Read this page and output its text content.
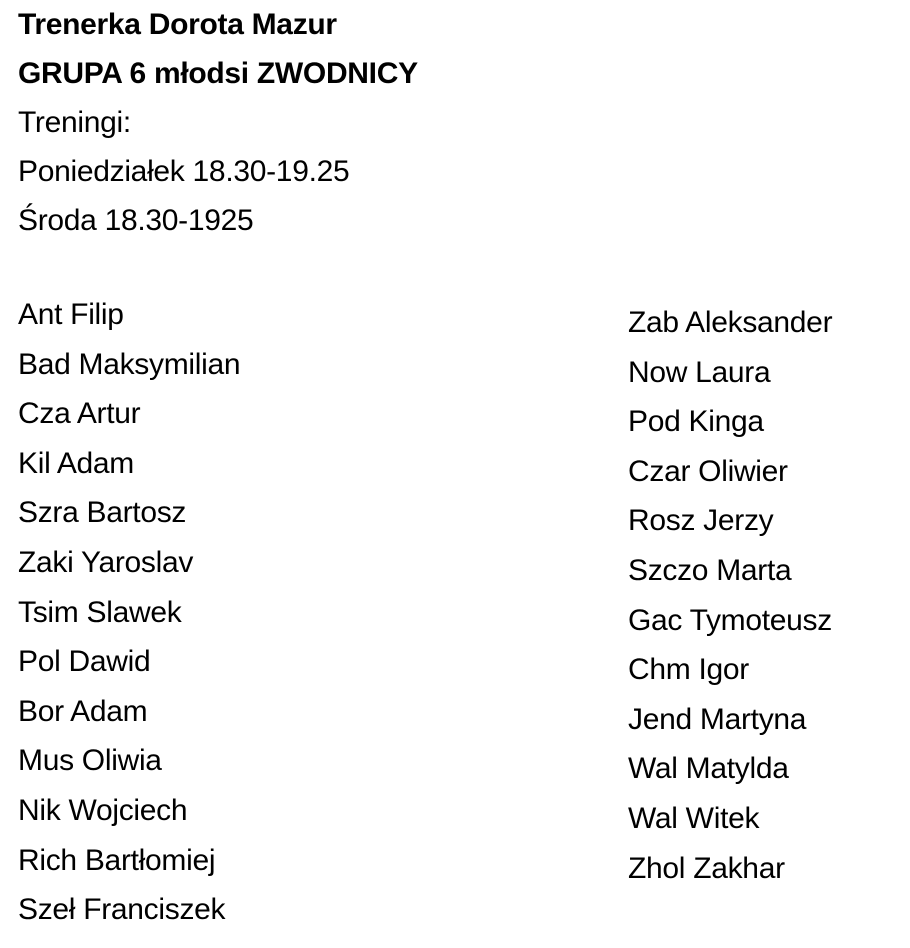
Trenerka Dorota Mazur
GRUPA 6 młodsi ZWODNICY
Treningi:
Poniedziałek 18.30-19.25
Środa 18.30-1925
Ant Filip
Bad Maksymilian
Cza Artur
Kil Adam
Szra Bartosz
Zaki Yaroslav
Tsim Slawek
Pol Dawid
Bor Adam
Mus Oliwia
Nik Wojciech
Rich Bartłomiej
Szeł Franciszek
Zab Aleksander
Now Laura
Pod Kinga
Czar Oliwier
Rosz Jerzy
Szczo Marta
Gac Tymoteusz
Chm Igor
Jend Martyna
Wal Matylda
Wal Witek
Zhol Zakhar
